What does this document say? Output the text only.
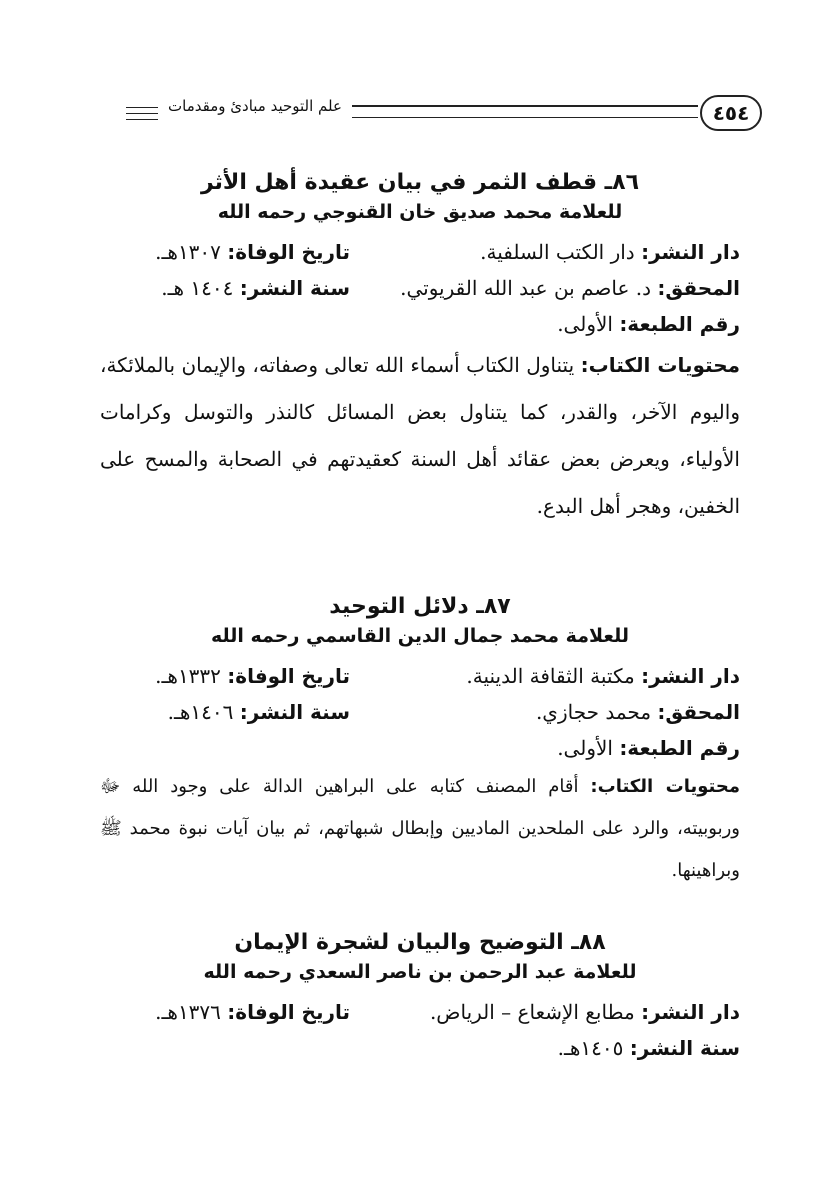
٤٥٤
علم التوحيد مبادئ ومقدمات

٨٦ـ قطف الثمر في بيان عقيدة أهل الأثر

للعلامة محمد صديق خان القنوجي رحمه الله

دار النشر: دار الكتب السلفية.
تاريخ الوفاة: ١٣٠٧هـ.
المحقق: د. عاصم بن عبد الله القريوتي.
سنة النشر: ١٤٠٤ هـ.
رقم الطبعة: الأولى.

محتويات الكتاب: يتناول الكتاب أسماء الله تعالى وصفاته، والإيمان بالملائكة، واليوم الآخر، والقدر، كما يتناول بعض المسائل كالنذر والتوسل وكرامات الأولياء، ويعرض بعض عقائد أهل السنة كعقيدتهم في الصحابة والمسح على الخفين، وهجر أهل البدع.

٨٧ـ دلائل التوحيد

للعلامة محمد جمال الدين القاسمي رحمه الله

دار النشر: مكتبة الثقافة الدينية.
تاريخ الوفاة: ١٣٣٢هـ.
المحقق: محمد حجازي.
سنة النشر: ١٤٠٦هـ.
رقم الطبعة: الأولى.

محتويات الكتاب: أقام المصنف كتابه على البراهين الدالة على وجود الله ﷻ وربوبيته، والرد على الملحدين الماديين وإبطال شبهاتهم، ثم بيان آيات نبوة محمد ﷺ وبراهينها.

٨٨ـ التوضيح والبيان لشجرة الإيمان

للعلامة عبد الرحمن بن ناصر السعدي رحمه الله

دار النشر: مطابع الإشعاع – الرياض.
تاريخ الوفاة: ١٣٧٦هـ.
سنة النشر: ١٤٠٥هـ.
